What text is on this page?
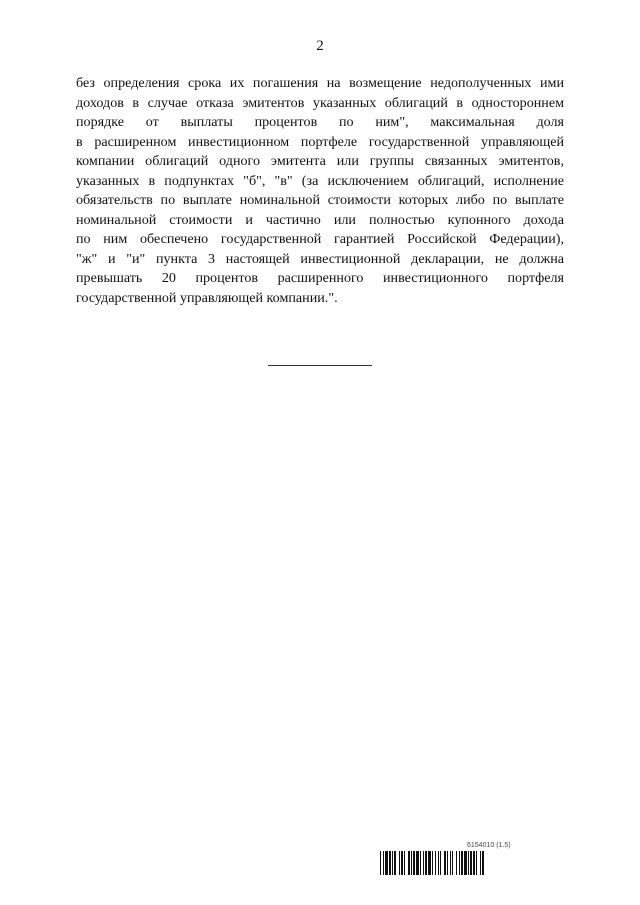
2
без определения срока их погашения на возмещение недополученных ими
доходов в случае отказа эмитентов указанных облигаций в одностороннем
порядке от выплаты процентов по ним", максимальная доля
в расширенном инвестиционном портфеле государственной управляющей
компании облигаций одного эмитента или группы связанных эмитентов,
указанных в подпунктах "б", "в" (за исключением облигаций, исполнение
обязательств по выплате номинальной стоимости которых либо по выплате
номинальной стоимости и частично или полностью купонного дохода
по ним обеспечено государственной гарантией Российской Федерации),
"ж" и "и" пункта 3 настоящей инвестиционной декларации, не должна
превышать 20 процентов расширенного инвестиционного портфеля
государственной управляющей компании.".
6154010 (1.5)
